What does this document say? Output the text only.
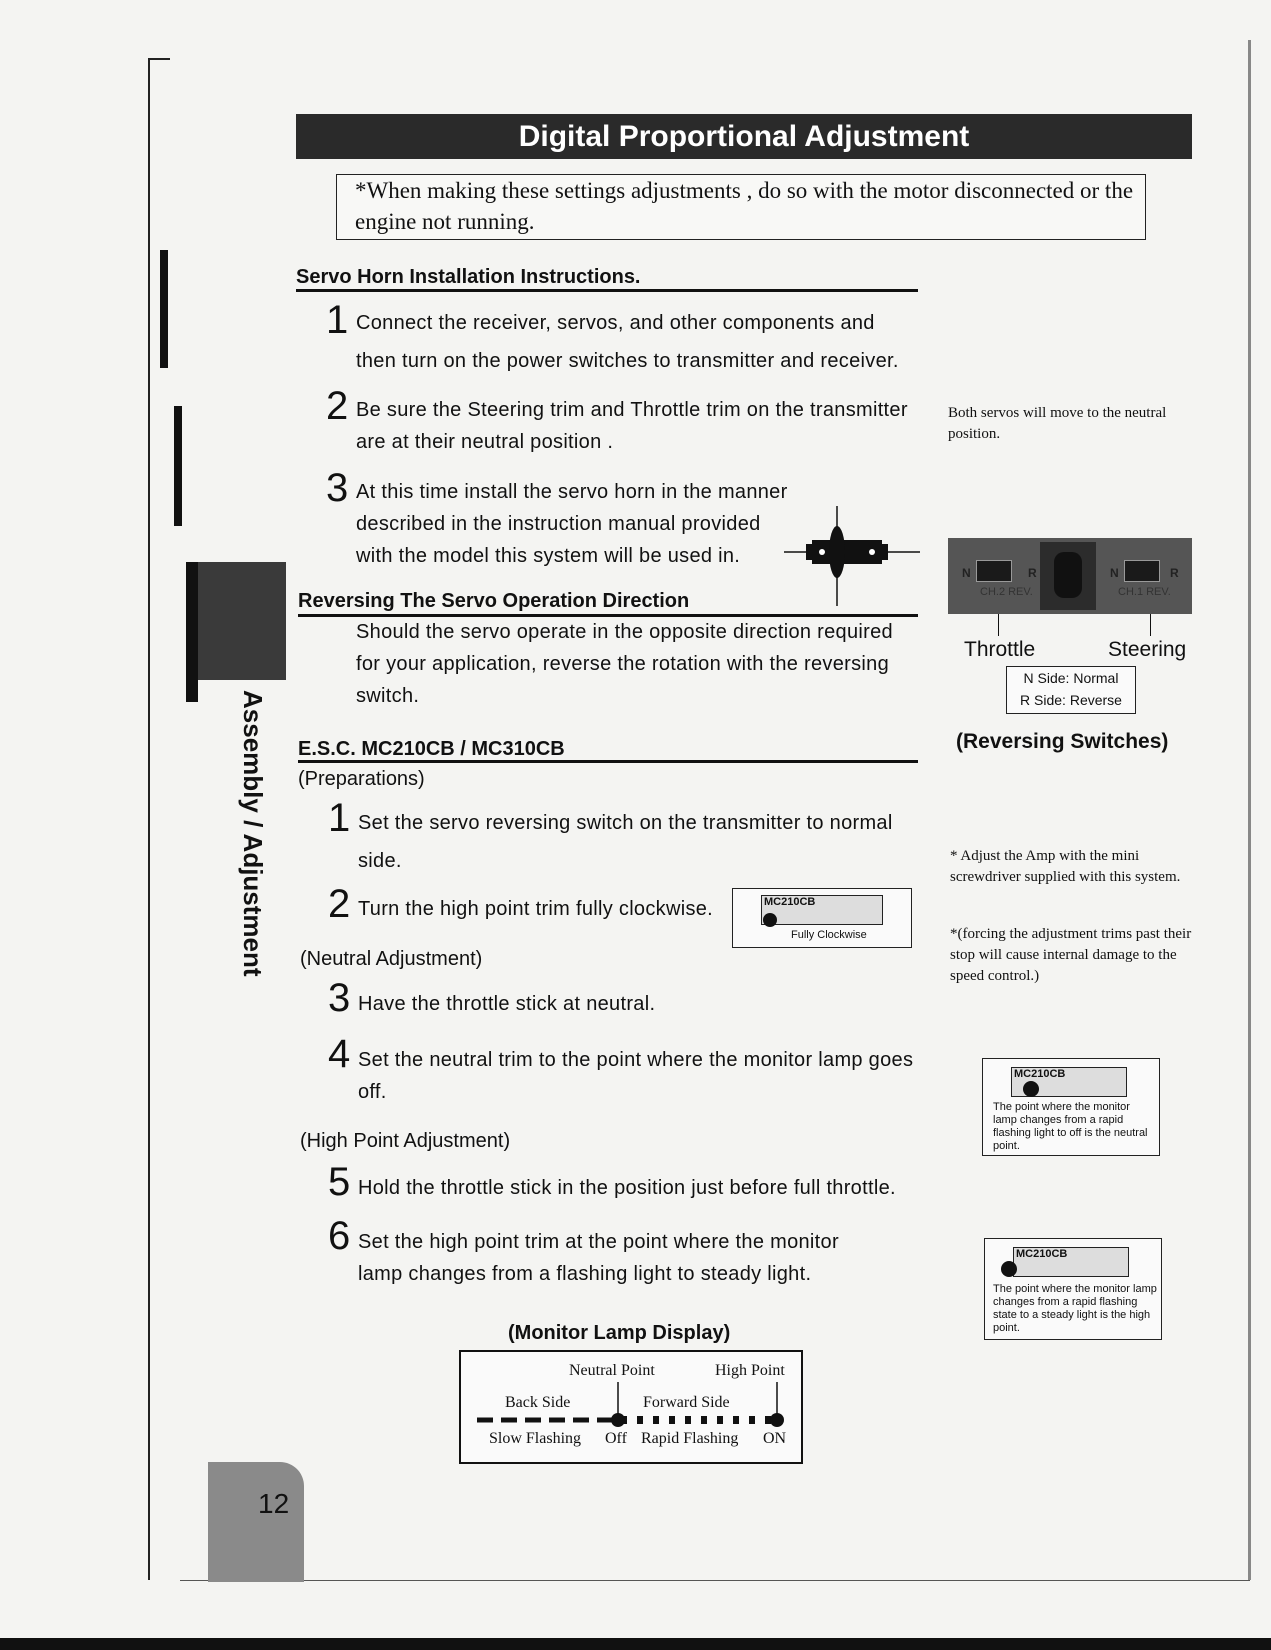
Digital Proportional Adjustment
*When making these settings adjustments , do so with the motor disconnected or the engine not running.
Assembly / Adjustment
Servo Horn Installation Instructions.
1 Connect the receiver, servos, and other components and
then turn on the power switches to transmitter and receiver.
2 Be sure the Steering trim and Throttle trim on the transmitter
are at their neutral position .
3 At this time install the servo horn in the manner
described in the instruction manual provided
with the model this system will be used in.
Both servos will move to the neutral position.
Reversing The Servo Operation Direction
Should the servo operate in the opposite direction required
for your application, reverse the rotation with the reversing
switch.
N	R
CH.2 REV.
N	R
CH.1 REV.
Throttle	Steering
N Side: Normal
R Side: Reverse
(Reversing Switches)
E.S.C. MC210CB / MC310CB
(Preparations)
1 Set the servo reversing switch on the transmitter to normal
side.
2 Turn the high point trim fully clockwise.	MC210CB
Fully Clockwise
(Neutral Adjustment)
3 Have the throttle stick at neutral.
4 Set the neutral trim to the point where the monitor lamp goes
off.
(High Point Adjustment)
5 Hold the throttle stick in the position just before full throttle.
6 Set the high point trim at the point where the monitor
lamp changes from a flashing light to steady light.
* Adjust the Amp with the mini screwdriver supplied with this system.
*(forcing the adjustment trims past their stop will cause internal damage to the speed control.)
MC210CB
The point where the monitor lamp changes from a rapid flashing light to off is the neutral point.
MC210CB
The point where the monitor lamp changes from a rapid flashing state to a steady light is the high point.
(Monitor Lamp Display)
Neutral Point	High Point
Back Side	Forward Side
Slow Flashing Off Rapid Flashing ON
12
